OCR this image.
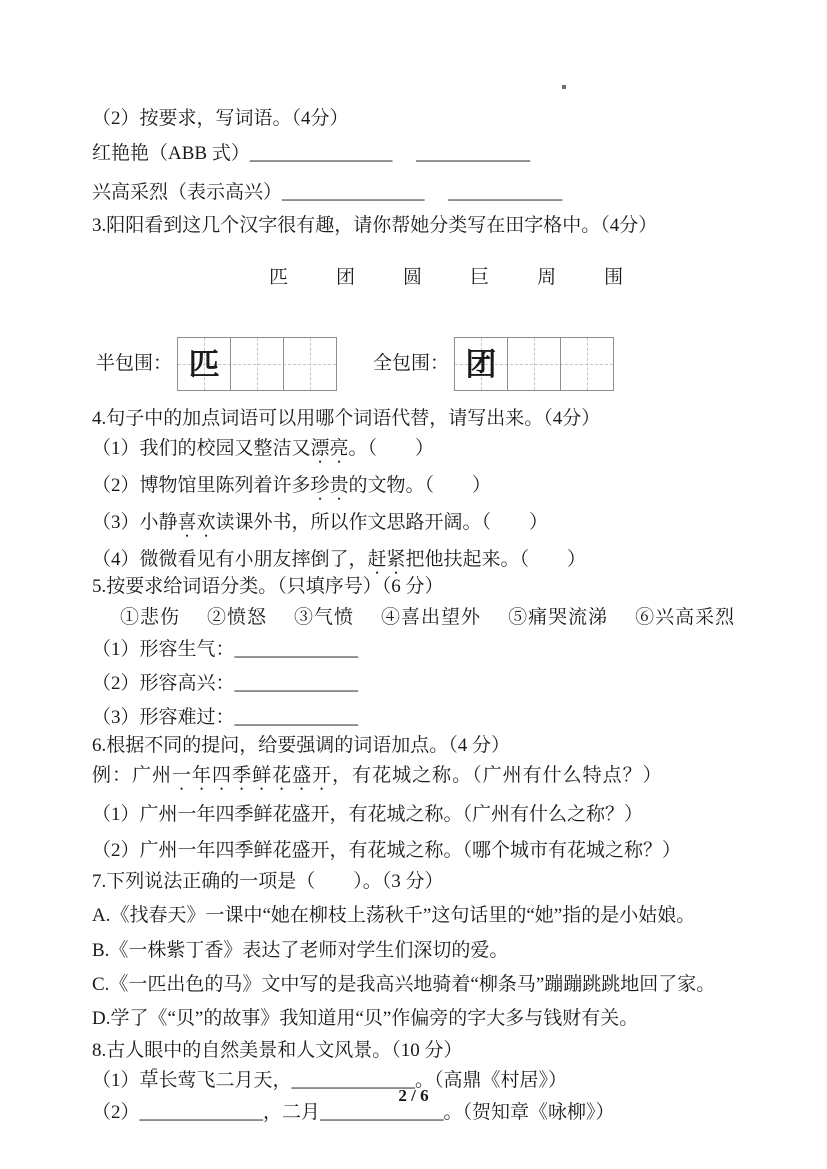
（2）按要求，写词语。（4分）

红艳艳（ABB 式）_______________　 ____________

兴高采烈（表示高兴）_______________　 ____________

3.阳阳看到这几个汉字很有趣，请你帮她分类写在田字格中。（4分）

匹	团	圆	巨	周	围

半包围： 匹	全包围： 团

4.句子中的加点词语可以用哪个词语代替，请写出来。（4分）

（1）我们的校园又整洁又漂亮。（　　）

（2）博物馆里陈列着许多珍贵的文物。（　　）

（3）小静喜欢读课外书，所以作文思路开阔。（　　）

（4）微微看见有小朋友摔倒了，赶紧把他扶起来。（　　）

5.按要求给词语分类。（只填序号）（6 分）

①悲伤 ②愤怒 ③气愤 ④喜出望外 ⑤痛哭流涕 ⑥兴高采烈

（1）形容生气：_____________

（2）形容高兴：_____________

（3）形容难过：_____________

6.根据不同的提问，给要强调的词语加点。（4 分）

例：广州一年四季鲜花盛开，有花城之称。（广州有什么特点？）

（1）广州一年四季鲜花盛开，有花城之称。（广州有什么之称？）

（2）广州一年四季鲜花盛开，有花城之称。（哪个城市有花城之称？）

7.下列说法正确的一项是（　　）。（3 分）

A.《找春天》一课中“她在柳枝上荡秋千”这句话里的“她”指的是小姑娘。

B.《一株紫丁香》表达了老师对学生们深切的爱。

C.《一匹出色的马》文中写的是我高兴地骑着“柳条马”蹦蹦跳跳地回了家。

D.学了《“贝”的故事》我知道用“贝”作偏旁的字大多与钱财有关。

8.古人眼中的自然美景和人文风景。（10 分）

（1）草长莺飞二月天，_____________。（高鼎《村居》）

（2）_____________，二月_____________。（贺知章《咏柳》）

2 / 6
